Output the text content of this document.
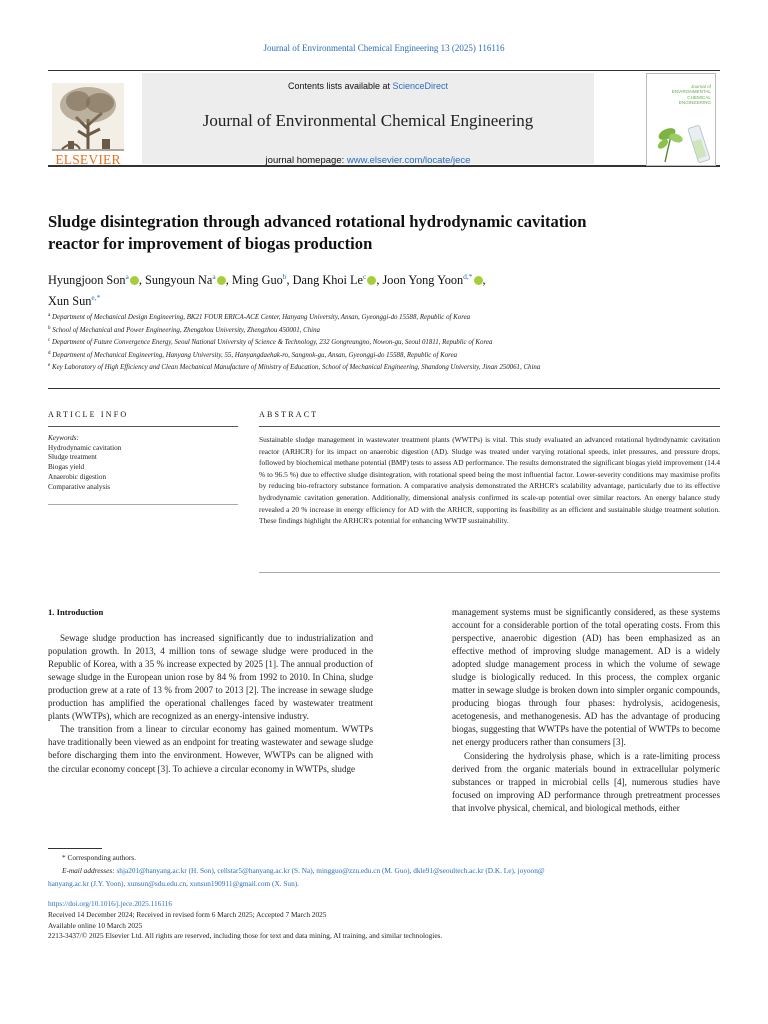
Journal of Environmental Chemical Engineering 13 (2025) 116116
ELSEVIER
Contents lists available at ScienceDirect
Journal of Environmental Chemical Engineering
journal homepage: www.elsevier.com/locate/jece
Journal of
ENVIRONMENTAL
CHEMICAL
ENGINEERING
Sludge disintegration through advanced rotational hydrodynamic cavitation reactor for improvement of biogas production
Hyungjoon Son$^a$ , Sungyoun Na$^a$ , Ming Guo$^b$, Dang Khoi Le$^c$ , Joon Yong Yoon$^{d,*}$ ,
Xun Sun$^{e,*}$
$^a$ Department of Mechanical Design Engineering, BK21 FOUR ERICA-ACE Center, Hanyang University, Ansan, Gyeonggi-do 15588, Republic of Korea
$^b$ School of Mechanical and Power Engineering, Zhengzhou University, Zhengzhou 450001, China
$^c$ Department of Future Convergence Energy, Seoul National University of Science & Technology, 232 Gongreungno, Nowon-gu, Seoul 01811, Republic of Korea
$^d$ Department of Mechanical Engineering, Hanyang University, 55, Hanyangdaehak-ro, Sangnok-gu, Ansan, Gyeonggi-do 15588, Republic of Korea
$^e$ Key Laboratory of High Efficiency and Clean Mechanical Manufacture of Ministry of Education, School of Mechanical Engineering, Shandong University, Jinan 250061, China
ARTICLE INFO
Keywords:
Hydrodynamic cavitation
Sludge treatment
Biogas yield
Anaerobic digestion
Comparative analysis
ABSTRACT

Sustainable sludge management in wastewater treatment plants (WWTPs) is vital. This study evaluated an advanced rotational hydrodynamic cavitation reactor (ARHCR) for its impact on anaerobic digestion (AD). Sludge was treated under varying rotational speeds, inlet pressures, and pressure drops, followed by biochemical methane potential (BMP) tests to assess AD performance. The results demonstrated the significant biogas yield improvement (14.4 % to 96.5 %) due to effective sludge disintegration, with rotational speed being the most influential factor. Lower-severity conditions may maximise profits by reducing bio-refractory substance formation. A comparative analysis demonstrated the ARHCR's scalability advantage, particularly due to its effective hydrodynamic cavitation generation. Additionally, dimensional analysis confirmed its scale-up potential over similar reactors. An energy balance study revealed a 20 % increase in energy efficiency for AD with the ARHCR, supporting its feasibility as an efficient and sustainable sludge treatment solution. These findings highlight the ARHCR's potential for enhancing WWTP sustainability.

1. Introduction

Sewage sludge production has increased significantly due to industrialization and population growth. In 2013, 4 million tons of sewage sludge were produced in the Republic of Korea, with a 35 % increase expected by 2025 [1]. The annual production of sewage sludge in the European union rose by 84 % from 1992 to 2010. In China, sludge production grew at a rate of 13 % from 2007 to 2013 [2]. The increase in sewage sludge production has amplified the operational challenges faced by wastewater treatment plants (WWTPs), which are recognized as an energy-intensive industry.

The transition from a linear to circular economy has gained momentum. WWTPs have traditionally been viewed as an endpoint for treating wastewater and sewage sludge before discharging them into the environment. However, WWTPs can be aligned with the circular economy concept [3]. To achieve a circular economy in WWTPs, sludge

management systems must be significantly considered, as these systems account for a considerable portion of the total operating costs. From this perspective, anaerobic digestion (AD) has been emphasized as an effective method of improving sludge management. AD is a widely adopted sludge management process in which the volume of sewage sludge is biologically reduced. In this process, the complex organic matter in sewage sludge is broken down into simpler organic compounds, producing biogas through four phases: hydrolysis, acidogenesis, acetogenesis, and methanogenesis. AD has the advantage of producing biogas, suggesting that WWTPs have the potential of WWTPs to become net energy producers rather than consumers [3].

Considering the hydrolysis phase, which is a rate-limiting process derived from the organic materials bound in extracellular polymeric substances or trapped in microbial cells [4], numerous studies have focused on improving AD performance through pretreatment processes that involve physical, chemical, and biological methods, either

* Corresponding authors.
E-mail addresses: shja201@hanyang.ac.kr (H. Son), cellstar5@hanyang.ac.kr (S. Na), mingguo@zzu.edu.cn (M. Guo), dkle91@seoultech.ac.kr (D.K. Le), joyoon@
hanyang.ac.kr (J.Y. Yoon), xunsun@sdu.edu.cn, xunsun190911@gmail.com (X. Sun).
https://doi.org/10.1016/j.jece.2025.116116
Received 14 December 2024; Received in revised form 6 March 2025; Accepted 7 March 2025
Available online 10 March 2025
2213-3437/© 2025 Elsevier Ltd. All rights are reserved, including those for text and data mining, AI training, and similar technologies.
